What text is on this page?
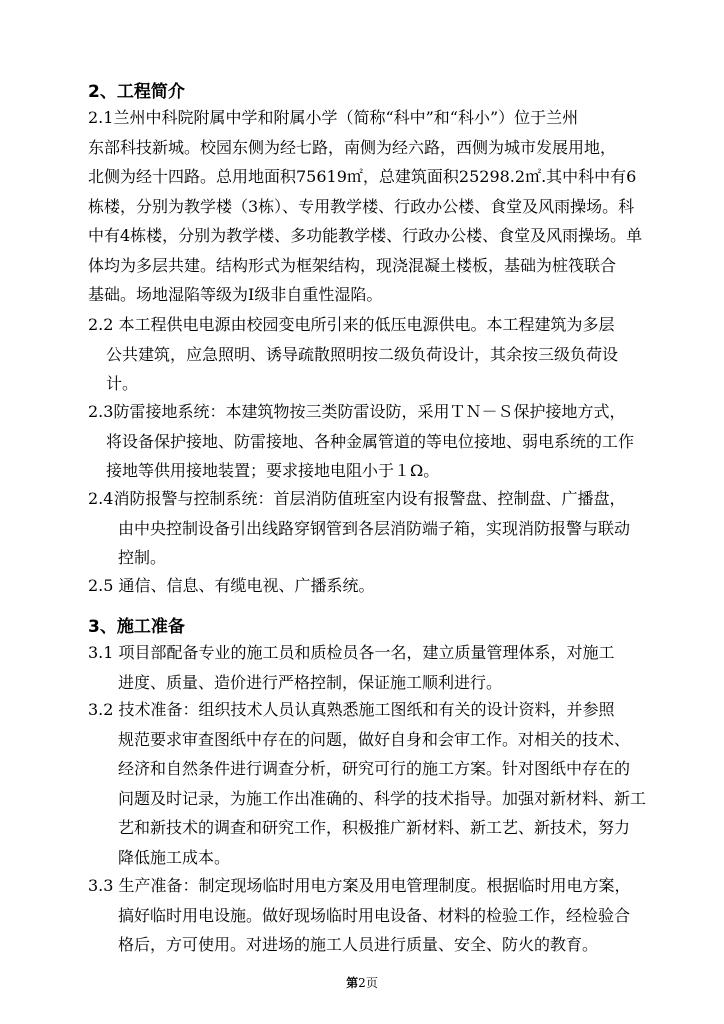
2、工程简介
2.1兰州中科院附属中学和附属小学（简称“科中”和“科小”）位于兰州
东部科技新城。校园东侧为经七路，南侧为经六路，西侧为城市发展用地，
北侧为经十四路。总用地面积75619㎡，总建筑面积25298.2㎡.其中科中有6
栋楼，分别为教学楼（3栋）、专用教学楼、行政办公楼、食堂及风雨操场。科
中有4栋楼，分别为教学楼、多功能教学楼、行政办公楼、食堂及风雨操场。单
体均为多层共建。结构形式为框架结构，现浇混凝土楼板，基础为桩筏联合
基础。场地湿陷等级为Ⅰ级非自重性湿陷。
2.2 本工程供电电源由校园变电所引来的低压电源供电。本工程建筑为多层
公共建筑，应急照明、诱导疏散照明按二级负荷设计，其余按三级负荷设
计。
2.3防雷接地系统：本建筑物按三类防雷设防，采用ＴＮ－Ｓ保护接地方式，
将设备保护接地、防雷接地、各种金属管道的等电位接地、弱电系统的工作
接地等供用接地装置；要求接地电阻小于１Ω。
2.4消防报警与控制系统：首层消防值班室内设有报警盘、控制盘、广播盘，
由中央控制设备引出线路穿钢管到各层消防端子箱，实现消防报警与联动
控制。
2.5 通信、信息、有缆电视、广播系统。
3、施工准备
3.1 项目部配备专业的施工员和质检员各一名，建立质量管理体系，对施工
进度、质量、造价进行严格控制，保证施工顺利进行。
3.2 技术准备：组织技术人员认真熟悉施工图纸和有关的设计资料，并参照
规范要求审查图纸中存在的问题，做好自身和会审工作。对相关的技术、
经济和自然条件进行调查分析，研究可行的施工方案。针对图纸中存在的
问题及时记录，为施工作出准确的、科学的技术指导。加强对新材料、新工
艺和新技术的调查和研究工作，积极推广新材料、新工艺、新技术，努力
降低施工成本。
3.3 生产准备：制定现场临时用电方案及用电管理制度。根据临时用电方案，
搞好临时用电设施。做好现场临时用电设备、材料的检验工作，经检验合
格后，方可使用。对进场的施工人员进行质量、安全、防火的教育。
第2页
